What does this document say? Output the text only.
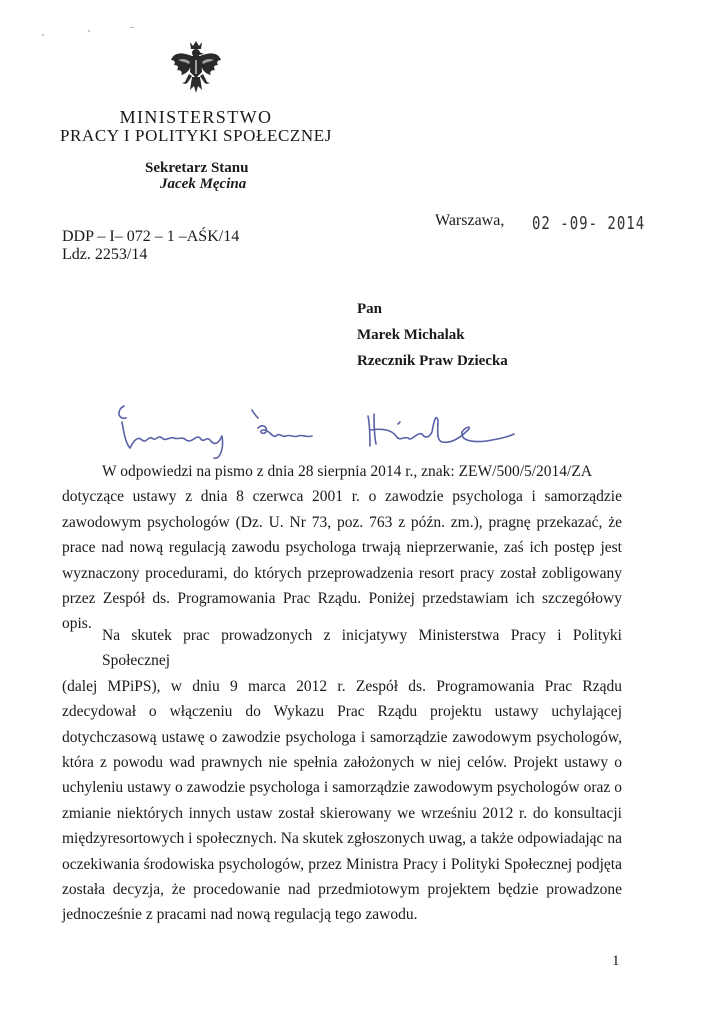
MINISTERSTWO
PRACY I POLITYKI SPOŁECZNEJ
Sekretarz Stanu
Jacek Męcina
Warszawa, 02 -09- 2014
DDP – I– 072 – 1 –AŚK/14
Ldz. 2253/14
Pan
Marek Michalak
Rzecznik Praw Dziecka
W odpowiedzi na pismo z dnia 28 sierpnia 2014 r., znak: ZEW/500/5/2014/ZA
dotyczące ustawy z dnia 8 czerwca 2001 r. o zawodzie psychologa i samorządzie zawodowym psychologów (Dz. U. Nr 73, poz. 763 z późn. zm.), pragnę przekazać, że prace nad nową regulacją zawodu psychologa trwają nieprzerwanie, zaś ich postęp jest wyznaczony procedurami, do których przeprowadzenia resort pracy został zobligowany przez Zespół ds. Programowania Prac Rządu. Poniżej przedstawiam ich szczegółowy opis.
Na skutek prac prowadzonych z inicjatywy Ministerstwa Pracy i Polityki Społecznej
(dalej MPiPS), w dniu 9 marca 2012 r. Zespół ds. Programowania Prac Rządu zdecydował o włączeniu do Wykazu Prac Rządu projektu ustawy uchylającej dotychczasową ustawę o zawodzie psychologa i samorządzie zawodowym psychologów, która z powodu wad prawnych nie spełnia założonych w niej celów. Projekt ustawy o uchyleniu ustawy o zawodzie psychologa i samorządzie zawodowym psychologów oraz o zmianie niektórych innych ustaw został skierowany we wrześniu 2012 r. do konsultacji międzyresortowych i społecznych. Na skutek zgłoszonych uwag, a także odpowiadając na oczekiwania środowiska psychologów, przez Ministra Pracy i Polityki Społecznej podjęta została decyzja, że procedowanie nad przedmiotowym projektem będzie prowadzone jednocześnie z pracami nad nową regulacją tego zawodu.
1
